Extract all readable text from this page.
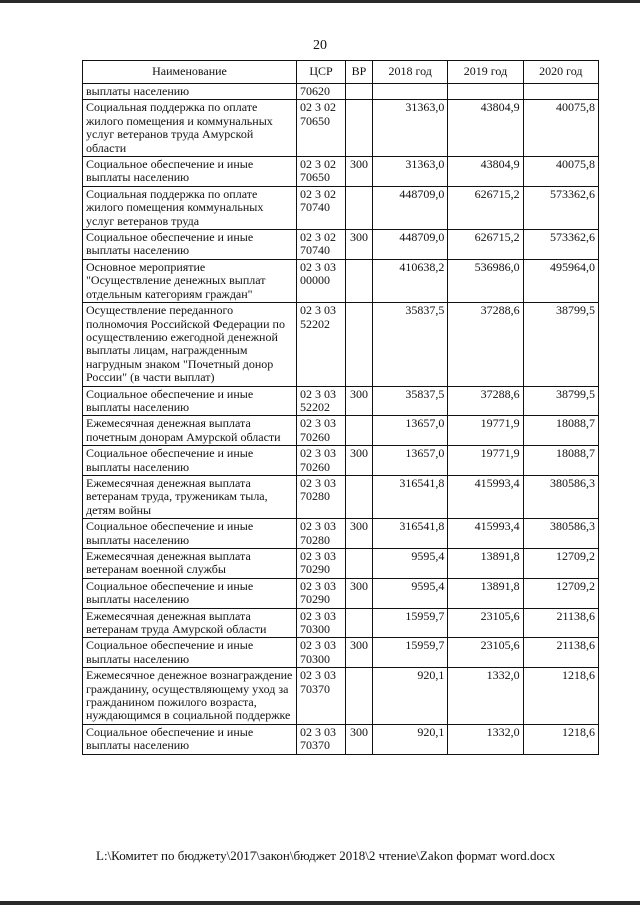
20
Наименование	ЦСР	ВР	2018 год	2019 год	2020 год
выплаты населению	70620				
Социальная поддержка по оплате жилого помещения и коммунальных услуг ветеранов труда Амурской области	02 3 02 70650		31363,0	43804,9	40075,8
Социальное обеспечение и иные выплаты населению	02 3 02 70650	300	31363,0	43804,9	40075,8
Социальная поддержка по оплате жилого помещения коммунальных услуг ветеранов труда	02 3 02 70740		448709,0	626715,2	573362,6
Социальное обеспечение и иные выплаты населению	02 3 02 70740	300	448709,0	626715,2	573362,6
Основное мероприятие "Осуществление денежных выплат отдельным категориям граждан"	02 3 03 00000		410638,2	536986,0	495964,0
Осуществление переданного полномочия Российской Федерации по осуществлению ежегодной денежной выплаты лицам, награжденным нагрудным знаком "Почетный донор России" (в части выплат)	02 3 03 52202		35837,5	37288,6	38799,5
Социальное обеспечение и иные выплаты населению	02 3 03 52202	300	35837,5	37288,6	38799,5
Ежемесячная денежная выплата почетным донорам Амурской области	02 3 03 70260		13657,0	19771,9	18088,7
Социальное обеспечение и иные выплаты населению	02 3 03 70260	300	13657,0	19771,9	18088,7
Ежемесячная денежная выплата ветеранам труда, труженикам тыла, детям войны	02 3 03 70280		316541,8	415993,4	380586,3
Социальное обеспечение и иные выплаты населению	02 3 03 70280	300	316541,8	415993,4	380586,3
Ежемесячная денежная выплата ветеранам военной службы	02 3 03 70290		9595,4	13891,8	12709,2
Социальное обеспечение и иные выплаты населению	02 3 03 70290	300	9595,4	13891,8	12709,2
Ежемесячная денежная выплата ветеранам труда Амурской области	02 3 03 70300		15959,7	23105,6	21138,6
Социальное обеспечение и иные выплаты населению	02 3 03 70300	300	15959,7	23105,6	21138,6
Ежемесячное денежное вознаграждение гражданину, осуществляющему уход за гражданином пожилого возраста, нуждающимся в социальной поддержке	02 3 03 70370		920,1	1332,0	1218,6
Социальное обеспечение и иные выплаты населению	02 3 03 70370	300	920,1	1332,0	1218,6
L:\Комитет по бюджету\2017\закон\бюджет 2018\2 чтение\Zakon формат word.docx
